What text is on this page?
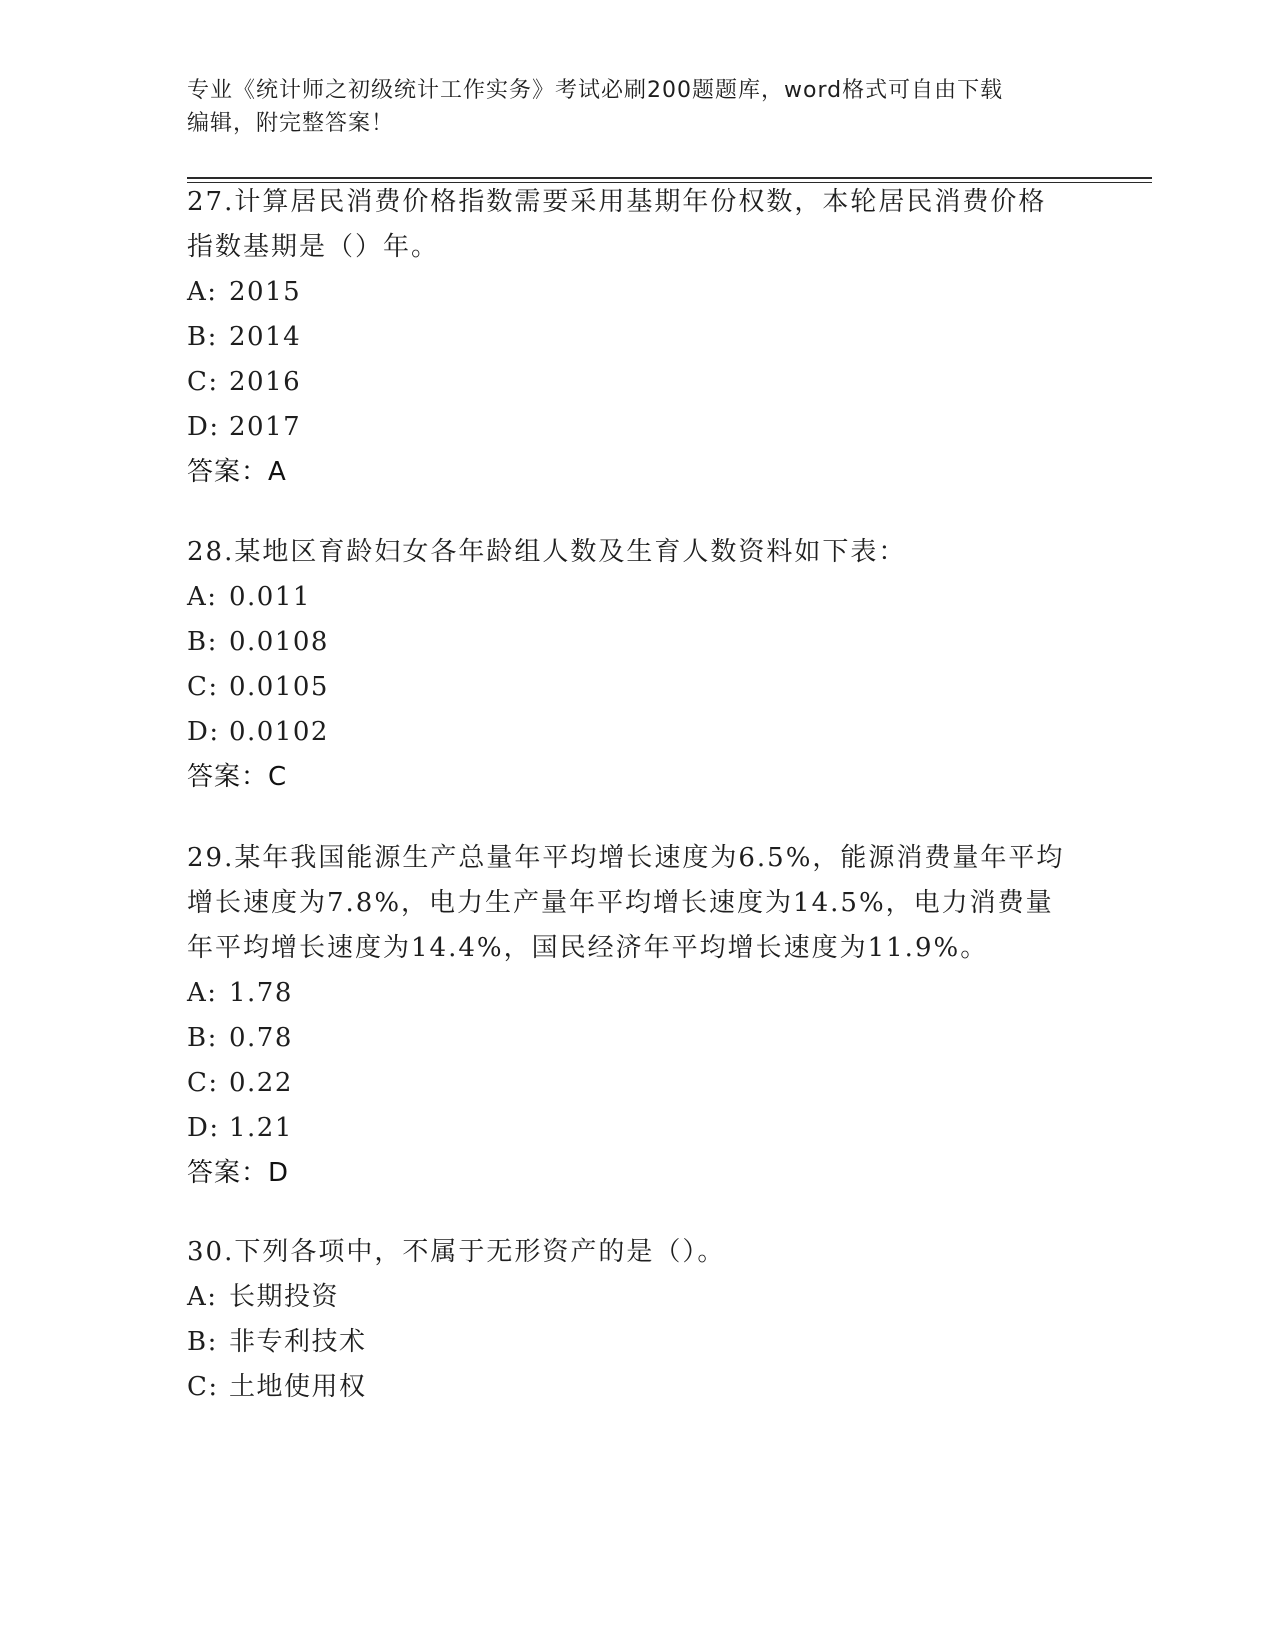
专业《统计师之初级统计工作实务》考试必刷200题题库，word格式可自由下载
编辑，附完整答案！
27.计算居民消费价格指数需要采用基期年份权数，本轮居民消费价格
指数基期是（）年。
A: 2015
B: 2014
C: 2016
D: 2017
答案：A
28.某地区育龄妇女各年龄组人数及生育人数资料如下表：
A: 0.011
B: 0.0108
C: 0.0105
D: 0.0102
答案：C
29.某年我国能源生产总量年平均增长速度为6.5%，能源消费量年平均
增长速度为7.8%，电力生产量年平均增长速度为14.5%，电力消费量
年平均增长速度为14.4%，国民经济年平均增长速度为11.9%。
A: 1.78
B: 0.78
C: 0.22
D: 1.21
答案：D
30.下列各项中，不属于无形资产的是（）。
A: 长期投资
B: 非专利技术
C: 土地使用权
